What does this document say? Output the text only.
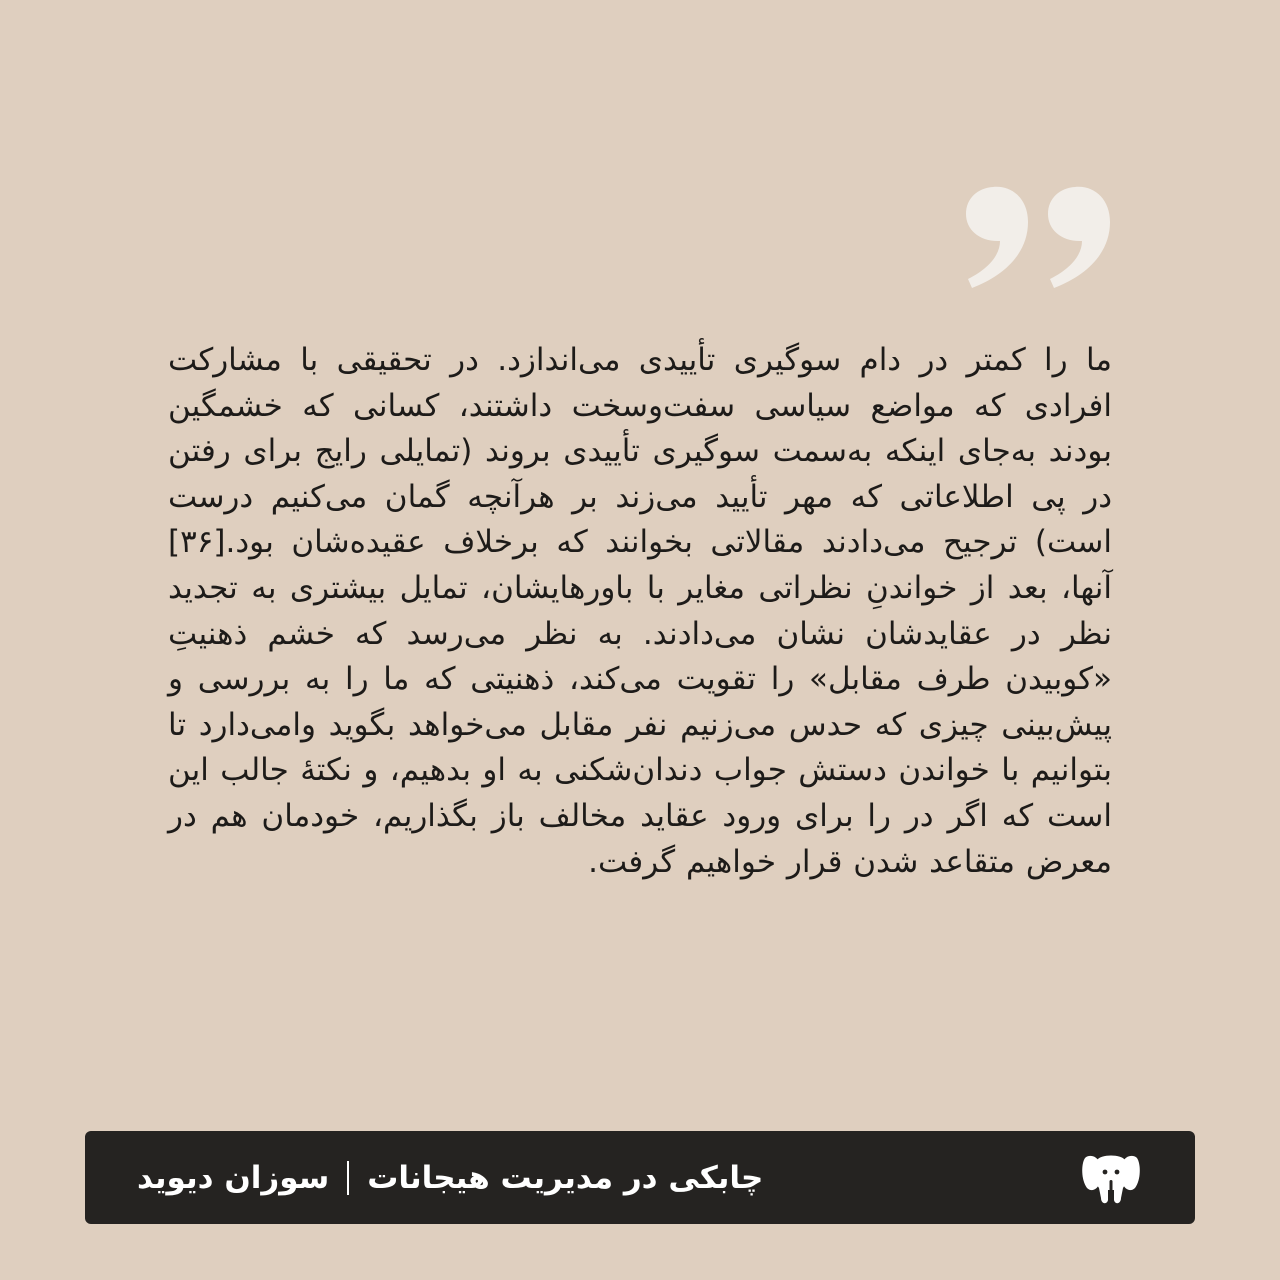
ما را کمتر در دام سوگیری تأییدی می‌اندازد. در تحقیقی با مشارکت افرادی که مواضع سیاسی سفت‌وسخت داشتند، کسانی که خشمگین بودند به‌جای اینکه به‌سمت سوگیری تأییدی بروند (تمایلی رایج برای رفتن در پی اطلاعاتی که مهر تأیید می‌زند بر هرآنچه گمان می‌کنیم درست است) ترجیح می‌دادند مقالاتی بخوانند که برخلاف عقیده‌شان بود.[۳۶] آنها، بعد از خواندنِ نظراتی مغایر با باورهایشان، تمایل بیشتری به تجدید نظر در عقایدشان نشان می‌دادند. به نظر می‌رسد که خشم ذهنیتِ «کوبیدن طرف مقابل» را تقویت می‌کند، ذهنیتی که ما را به بررسی و پیش‌بینی چیزی که حدس می‌زنیم نفر مقابل می‌خواهد بگوید وامی‌دارد تا بتوانیم با خواندن دستش جواب دندان‌شکنی به او بدهیم، و نکتهٔ جالب این است که اگر در را برای ورود عقاید مخالف باز بگذاریم، خودمان هم در معرض متقاعد شدن قرار خواهیم گرفت.
چابکی در مدیریت هیجانات
سوزان دیوید
